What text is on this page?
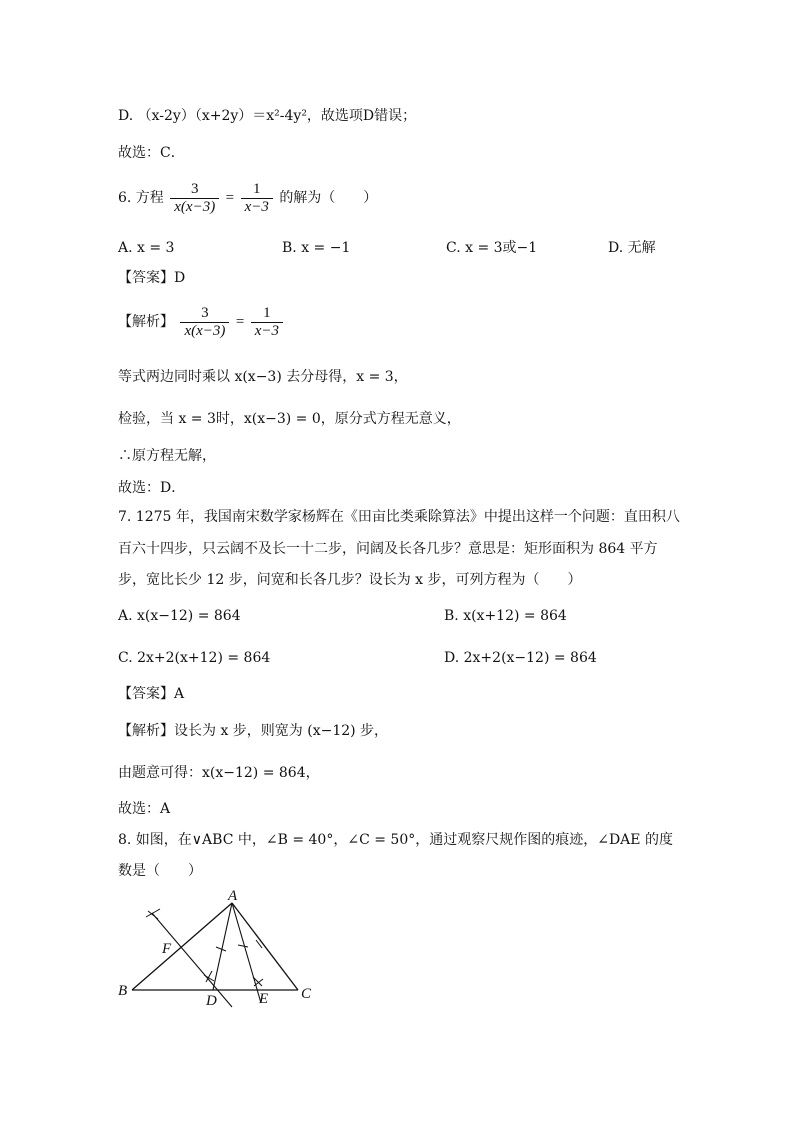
D. （x-2y）（x+2y）＝x²-4y²，故选项D错误；
故选：C．
6. 方程 $\frac{3}{x(x-3)} = \frac{1}{x-3}$ 的解为（　　）
A. x = 3	B. x = −1	C. x = 3或−1	D. 无解
【答案】D
【解析】 $\frac{3}{x(x-3)} = \frac{1}{x-3}$
等式两边同时乘以 x(x−3) 去分母得，x = 3，
检验，当 x = 3时，x(x−3) = 0，原分式方程无意义，
∴原方程无解，
故选：D．
7. 1275 年，我国南宋数学家杨辉在《田亩比类乘除算法》中提出这样一个问题：直田积八
百六十四步，只云阔不及长一十二步，问阔及长各几步？意思是：矩形面积为 864 平方
步，宽比长少 12 步，问宽和长各几步？设长为 x 步，可列方程为（　　）
A. x(x−12) = 864	B. x(x+12) = 864
C. 2x+2(x+12) = 864	D. 2x+2(x−12) = 864
【答案】A
【解析】设长为 x 步，则宽为 (x−12) 步，
由题意可得：x(x−12) = 864，
故选：A
8. 如图，在∨ABC 中，∠B = 40°，∠C = 50°，通过观察尺规作图的痕迹，∠DAE 的度
数是（　　）
A
B	C
D	E
F
